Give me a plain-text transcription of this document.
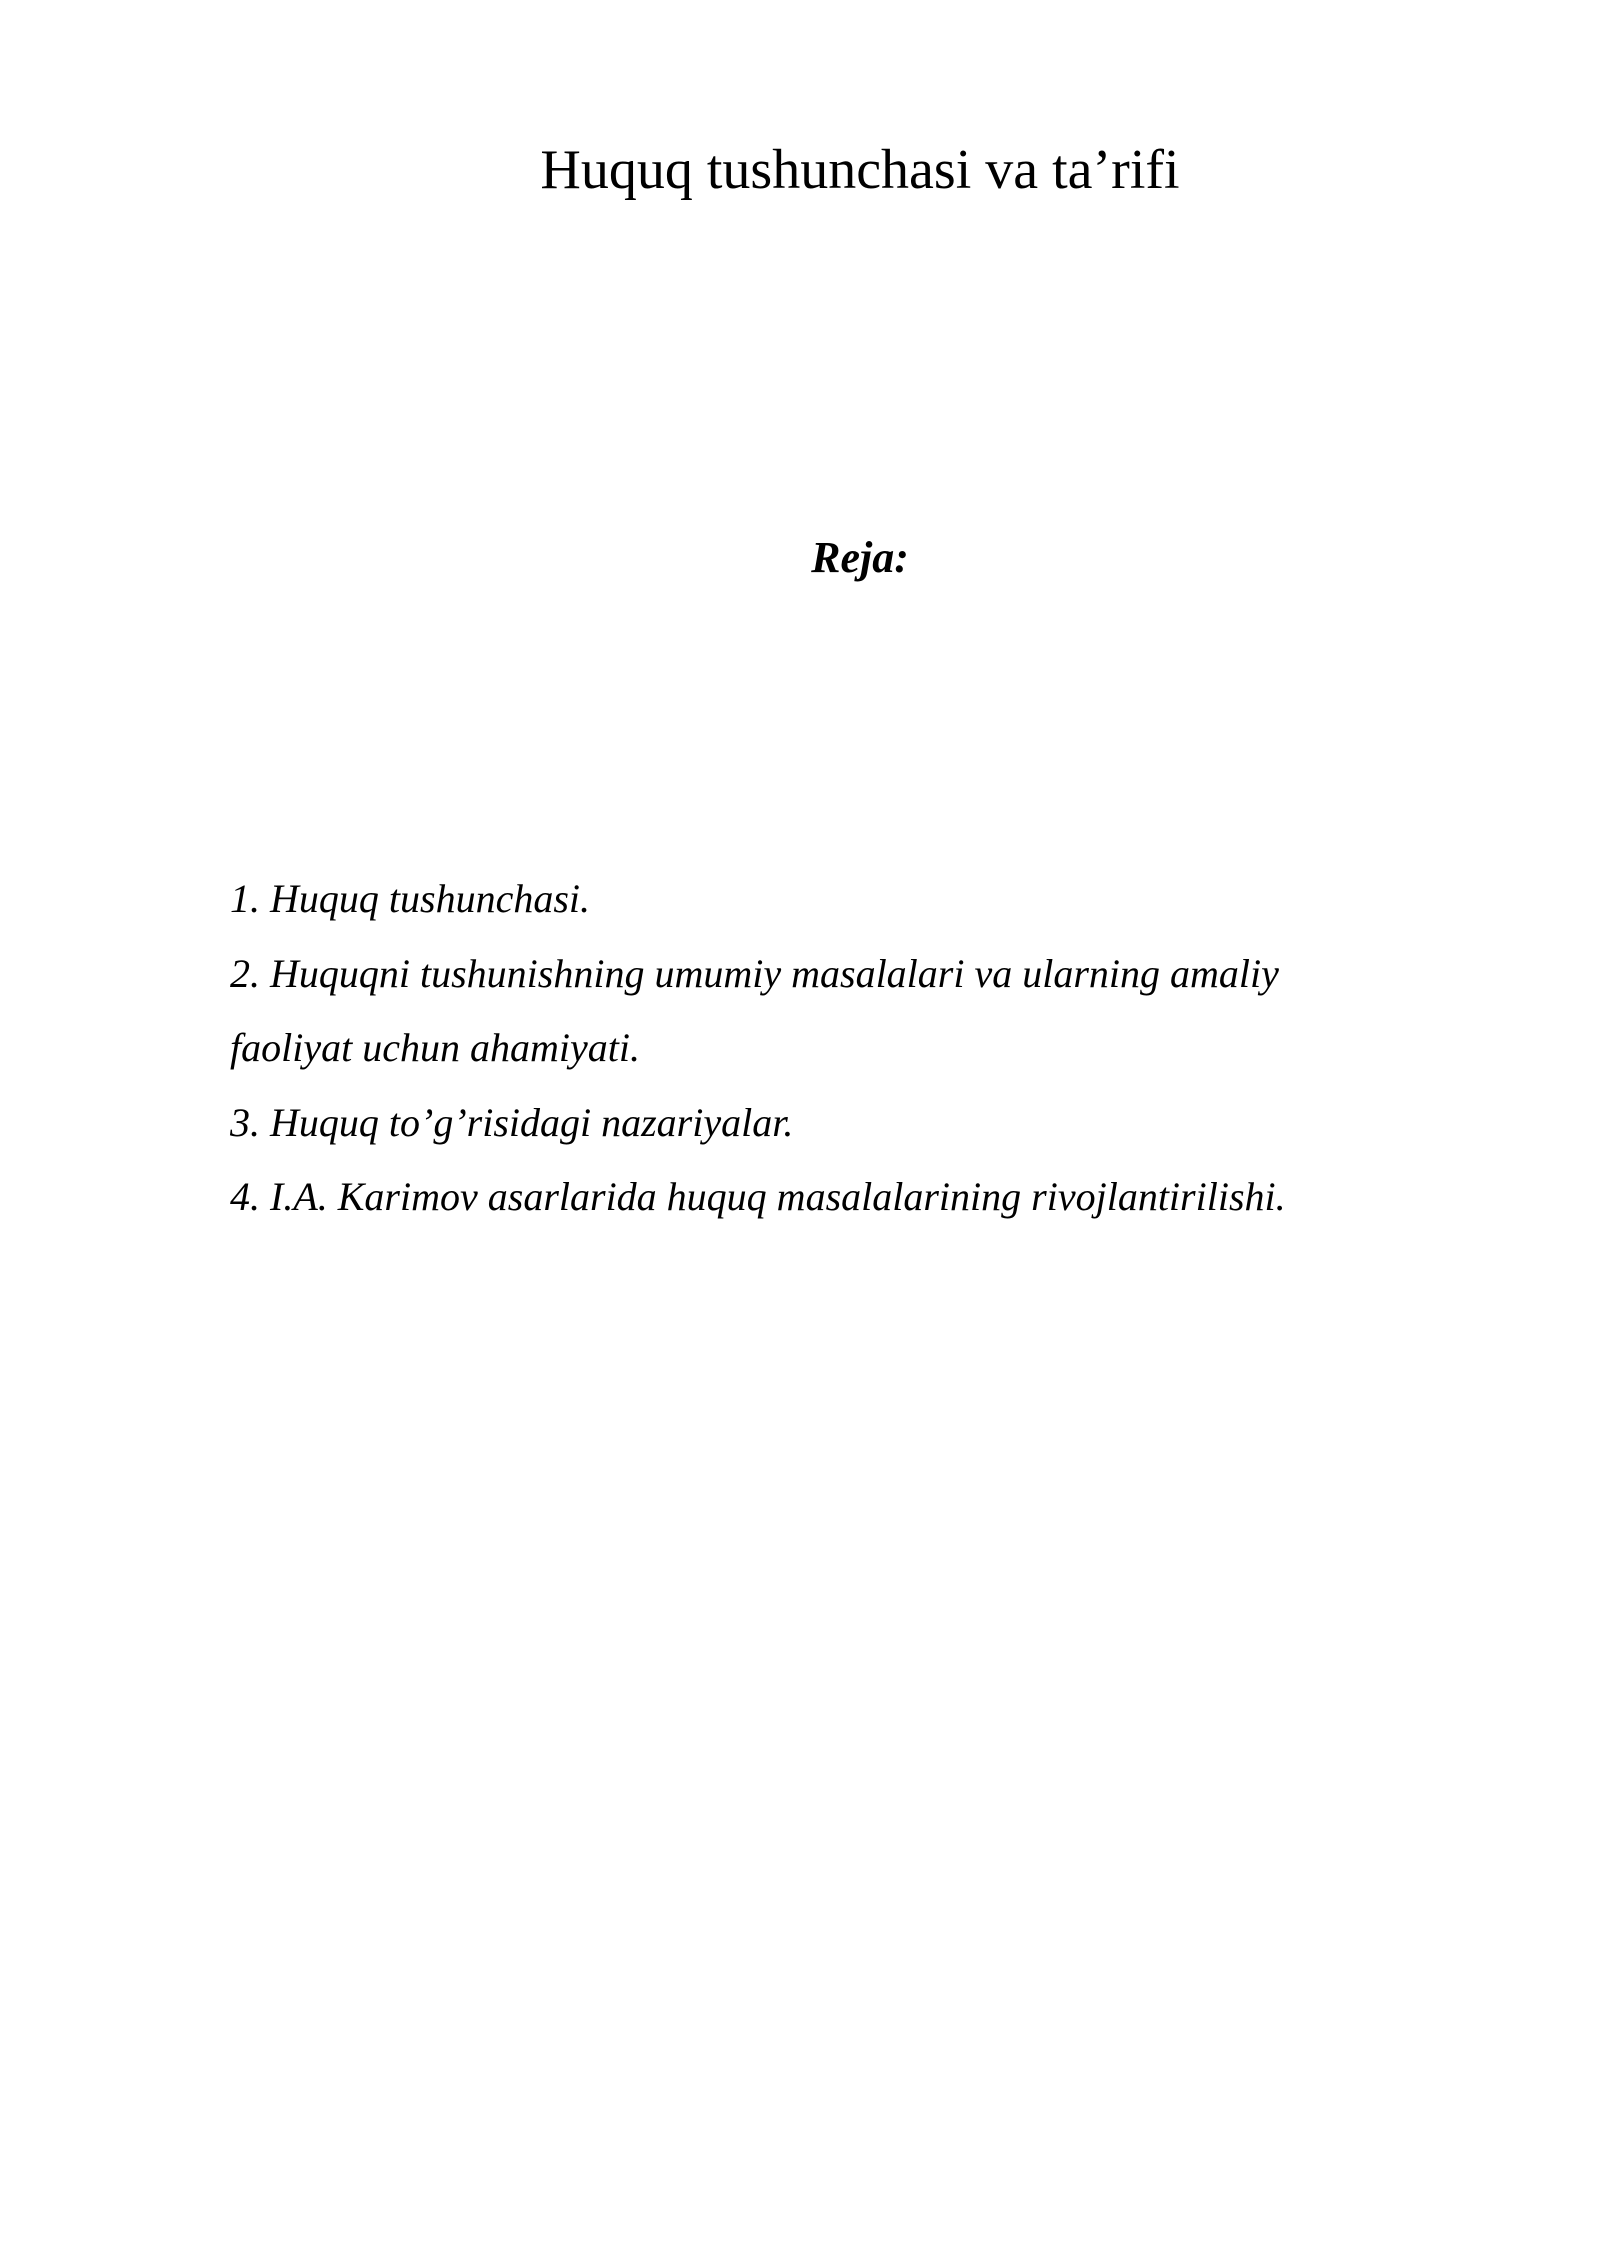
Huquq tushunchasi va ta’rifi
Reja:
1. Huquq tushunchasi.
2. Huquqni tushunishning umumiy masalalari va ularning amaliy
faoliyat uchun ahamiyati.
3. Huquq to’g’risidagi nazariyalar.
4. I.A. Karimov asarlarida huquq masalalarining rivojlantirilishi.
